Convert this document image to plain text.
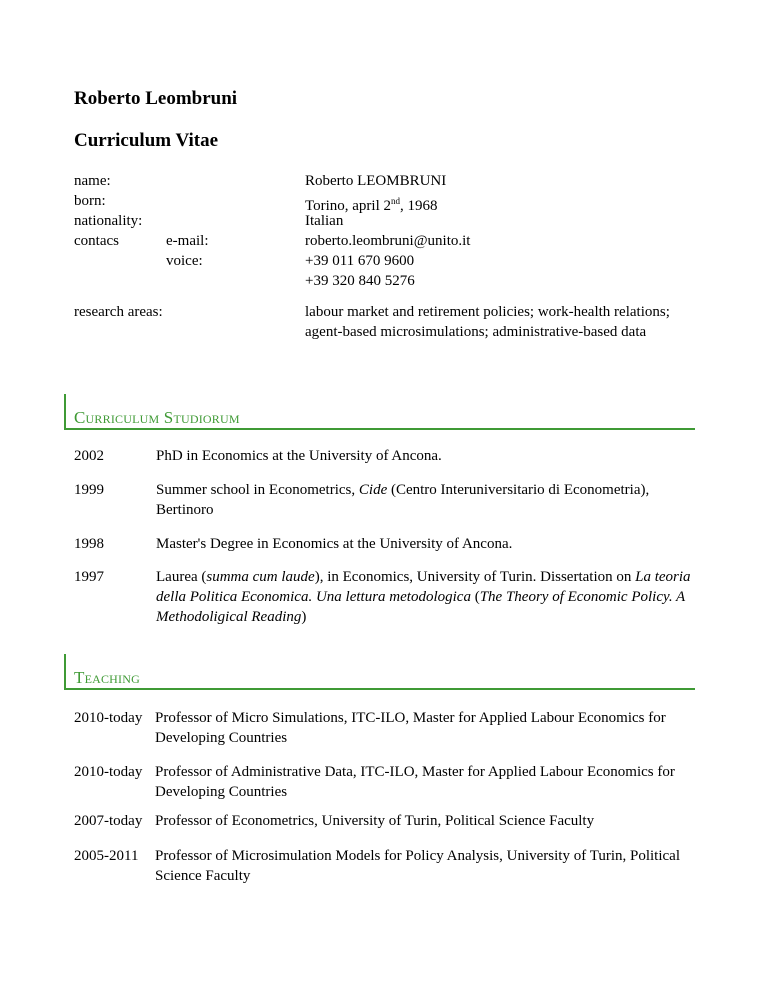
Roberto Leombruni
Curriculum Vitae
name:	Roberto LEOMBRUNI
born:	Torino, april 2nd, 1968
nationality:	Italian
contacs	e-mail:	roberto.leombruni@unito.it
voice:	+39 011 670 9600
+39 320 840 5276
research areas:	labour market and retirement policies; work-health relations; agent-based microsimulations; administrative-based data
Curriculum Studiorum
2002	PhD in Economics at the University of Ancona.
1999	Summer school in Econometrics, Cide (Centro Interuniversitario di Econometria), Bertinoro
1998	Master's Degree in Economics at the University of Ancona.
1997	Laurea (summa cum laude), in Economics, University of Turin. Dissertation on La teoria della Politica Economica. Una lettura metodologica (The Theory of Economic Policy. A Methodoligical Reading)
Teaching
2010-today Professor of Micro Simulations, ITC-ILO, Master for Applied Labour Economics for Developing Countries
2010-today Professor of Administrative Data, ITC-ILO, Master for Applied Labour Economics for Developing Countries
2007-today Professor of Econometrics, University of Turin, Political Science Faculty
2005-2011 Professor of Microsimulation Models for Policy Analysis, University of Turin, Political Science Faculty
